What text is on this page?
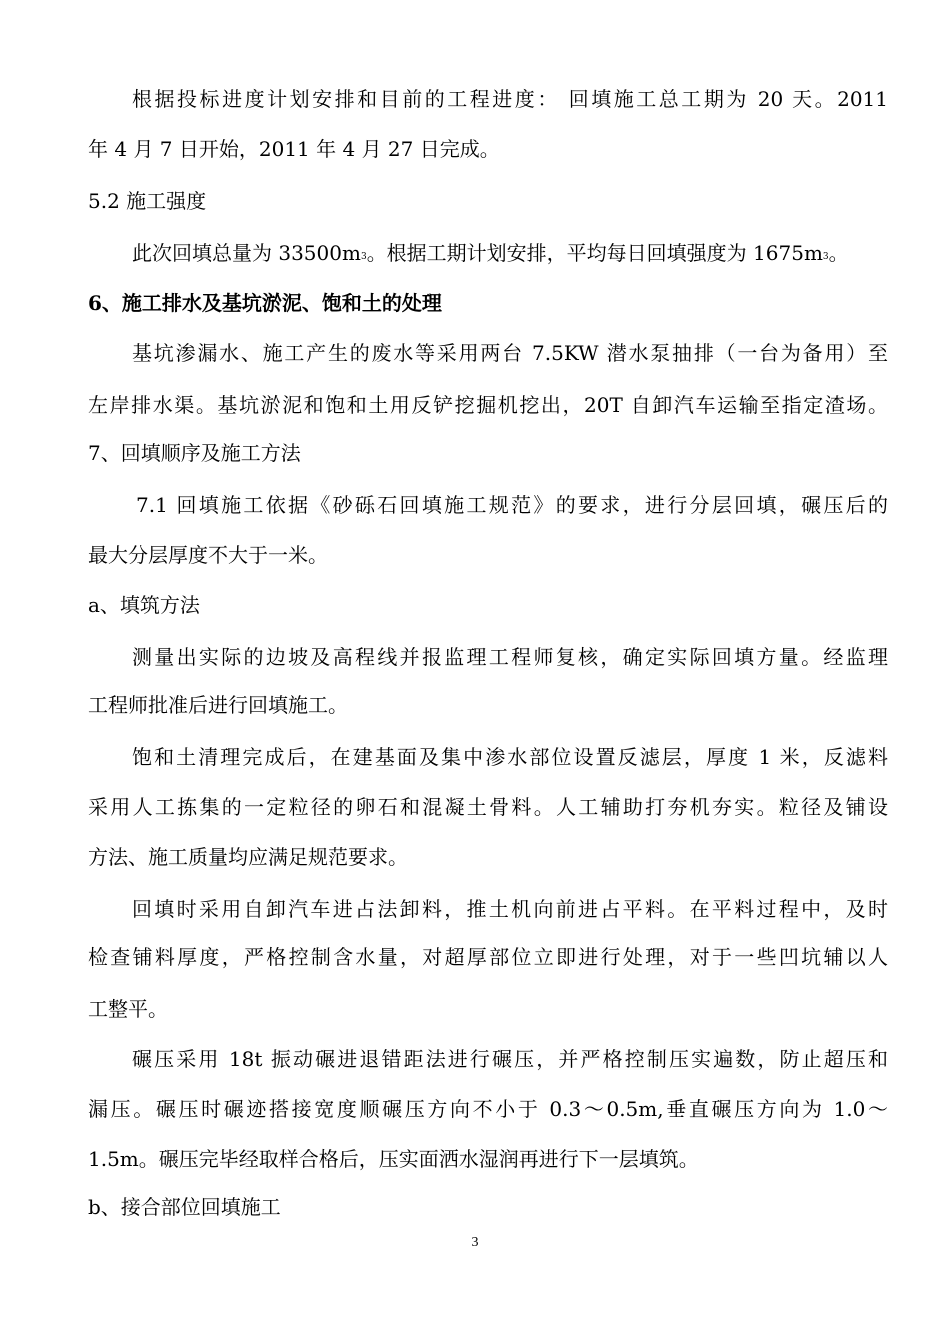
根据投标进度计划安排和目前的工程进度： 回填施工总工期为 20 天。2011
年 4 月 7 日开始，2011 年 4 月 27 日完成。
5.2 施工强度
此次回填总量为 $33500m^3$。根据工期计划安排，平均每日回填强度为 $1675m^3$。
6、施工排水及基坑淤泥、饱和土的处理
基坑渗漏水、施工产生的废水等采用两台 7.5KW 潜水泵抽排（一台为备用）至
左岸排水渠。基坑淤泥和饱和土用反铲挖掘机挖出，20T 自卸汽车运输至指定渣场。
7、回填顺序及施工方法
7.1 回填施工依据《砂砾石回填施工规范》的要求，进行分层回填，碾压后的
最大分层厚度不大于一米。
a、填筑方法
测量出实际的边坡及高程线并报监理工程师复核，确定实际回填方量。经监理
工程师批准后进行回填施工。
饱和土清理完成后，在建基面及集中渗水部位设置反滤层，厚度 1 米，反滤料
采用人工拣集的一定粒径的卵石和混凝土骨料。人工辅助打夯机夯实。粒径及铺设
方法、施工质量均应满足规范要求。
回填时采用自卸汽车进占法卸料，推土机向前进占平料。在平料过程中，及时
检查铺料厚度，严格控制含水量，对超厚部位立即进行处理，对于一些凹坑辅以人
工整平。
碾压采用 18t 振动碾进退错距法进行碾压，并严格控制压实遍数，防止超压和
漏压。碾压时碾迹搭接宽度顺碾压方向不小于 0.3～0.5m,垂直碾压方向为 1.0～
1.5m。碾压完毕经取样合格后，压实面洒水湿润再进行下一层填筑。
b、接合部位回填施工
3
